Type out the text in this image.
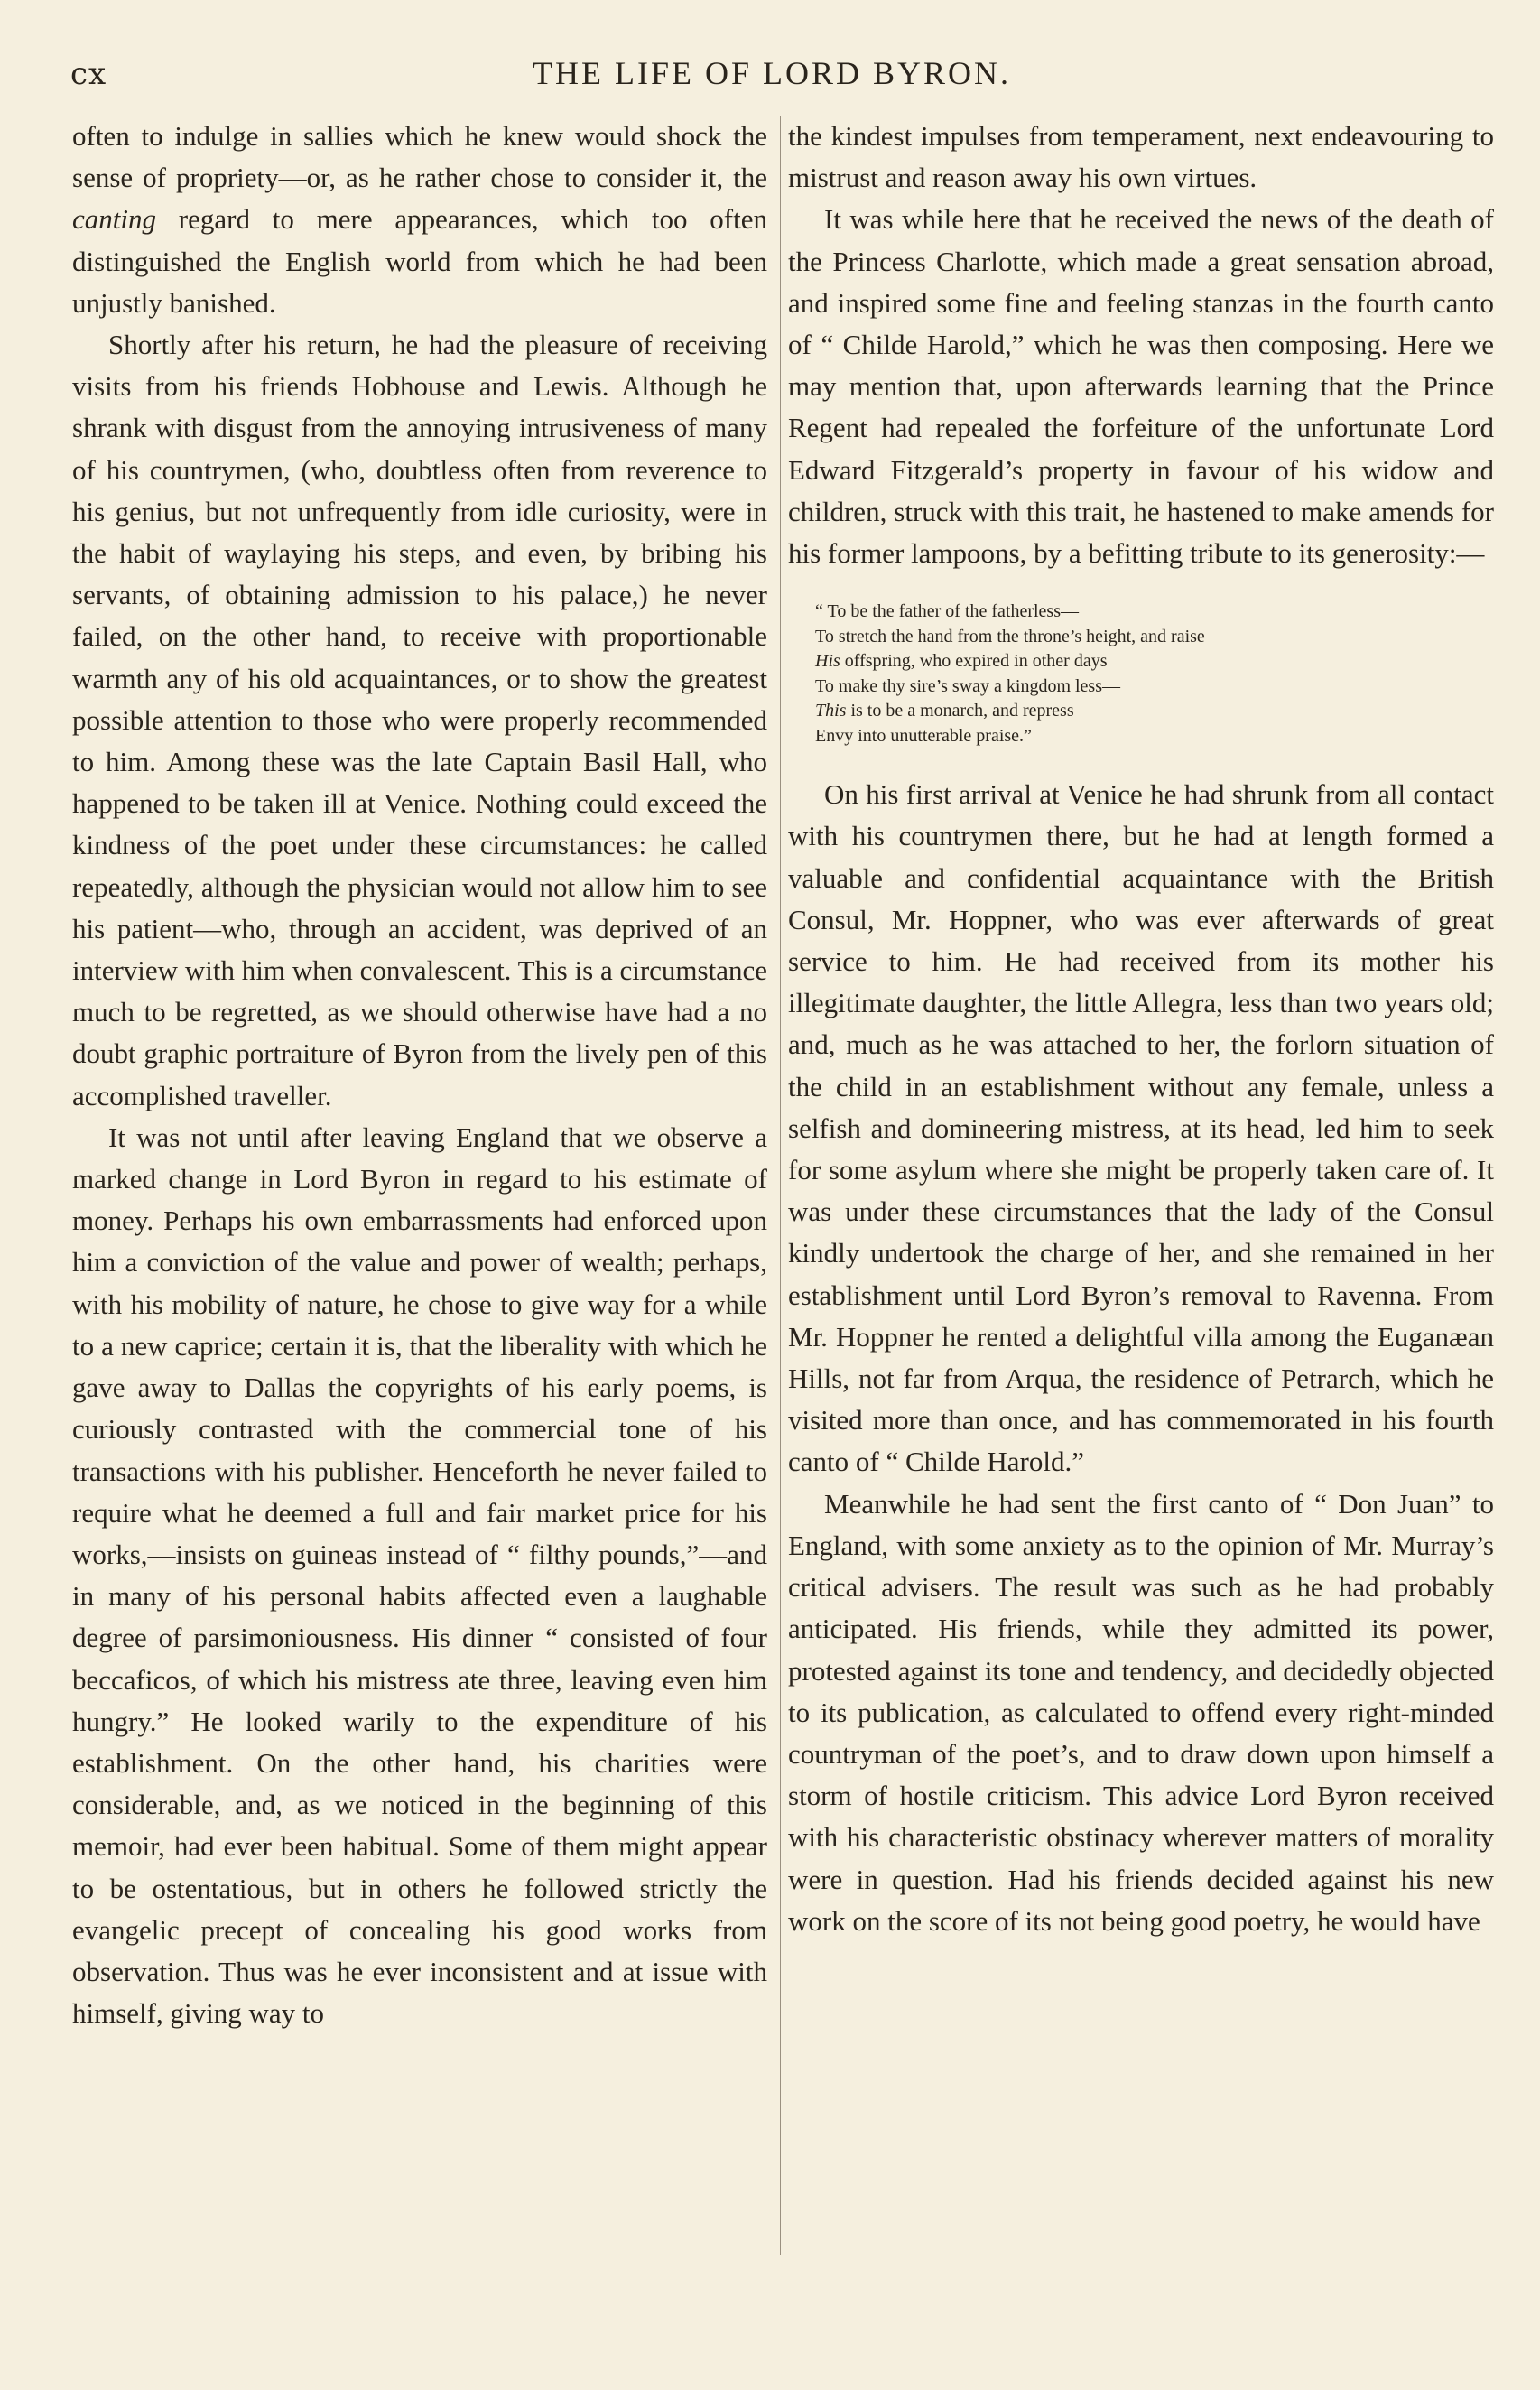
cx	THE LIFE OF LORD BYRON.

often to indulge in sallies which he knew would shock the sense of propriety—or, as he rather chose to consider it, the canting regard to mere appearances, which too often distinguished the English world from which he had been unjustly banished.

Shortly after his return, he had the pleasure of receiving visits from his friends Hobhouse and Lewis. Although he shrank with disgust from the annoying intrusiveness of many of his countrymen, (who, doubtless often from reverence to his genius, but not unfrequently from idle curiosity, were in the habit of waylaying his steps, and even, by bribing his servants, of obtaining admission to his palace,) he never failed, on the other hand, to receive with proportionable warmth any of his old acquaintances, or to show the greatest possible attention to those who were properly recommended to him. Among these was the late Captain Basil Hall, who happened to be taken ill at Venice. Nothing could exceed the kindness of the poet under these circumstances: he called repeatedly, although the physician would not allow him to see his patient—who, through an accident, was deprived of an interview with him when convalescent. This is a circumstance much to be regretted, as we should otherwise have had a no doubt graphic portraiture of Byron from the lively pen of this accomplished traveller.

It was not until after leaving England that we observe a marked change in Lord Byron in regard to his estimate of money. Perhaps his own embarrassments had enforced upon him a conviction of the value and power of wealth; perhaps, with his mobility of nature, he chose to give way for a while to a new caprice; certain it is, that the liberality with which he gave away to Dallas the copyrights of his early poems, is curiously contrasted with the commercial tone of his transactions with his publisher. Henceforth he never failed to require what he deemed a full and fair market price for his works,—insists on guineas instead of “ filthy pounds,”—and in many of his personal habits affected even a laughable degree of parsimoniousness. His dinner “ consisted of four beccaficos, of which his mistress ate three, leaving even him hungry.” He looked warily to the expenditure of his establishment. On the other hand, his charities were considerable, and, as we noticed in the beginning of this memoir, had ever been habitual. Some of them might appear to be ostentatious, but in others he followed strictly the evangelic precept of concealing his good works from observation. Thus was he ever inconsistent and at issue with himself, giving way to

the kindest impulses from temperament, next endeavouring to mistrust and reason away his own virtues.

It was while here that he received the news of the death of the Princess Charlotte, which made a great sensation abroad, and inspired some fine and feeling stanzas in the fourth canto of “ Childe Harold,” which he was then composing. Here we may mention that, upon afterwards learning that the Prince Regent had repealed the forfeiture of the unfortunate Lord Edward Fitzgerald’s property in favour of his widow and children, struck with this trait, he hastened to make amends for his former lampoons, by a befitting tribute to its generosity:—

“ To be the father of the fatherless—
To stretch the hand from the throne’s height, and raise
His offspring, who expired in other days
To make thy sire’s sway a kingdom less—
This is to be a monarch, and repress
Envy into unutterable praise.”

On his first arrival at Venice he had shrunk from all contact with his countrymen there, but he had at length formed a valuable and confidential acquaintance with the British Consul, Mr. Hoppner, who was ever afterwards of great service to him. He had received from its mother his illegitimate daughter, the little Allegra, less than two years old; and, much as he was attached to her, the forlorn situation of the child in an establishment without any female, unless a selfish and domineering mistress, at its head, led him to seek for some asylum where she might be properly taken care of. It was under these circumstances that the lady of the Consul kindly undertook the charge of her, and she remained in her establishment until Lord Byron’s removal to Ravenna. From Mr. Hoppner he rented a delightful villa among the Euganæan Hills, not far from Arqua, the residence of Petrarch, which he visited more than once, and has commemorated in his fourth canto of “ Childe Harold.”

Meanwhile he had sent the first canto of “ Don Juan” to England, with some anxiety as to the opinion of Mr. Murray’s critical advisers. The result was such as he had probably anticipated. His friends, while they admitted its power, protested against its tone and tendency, and decidedly objected to its publication, as calculated to offend every right-minded countryman of the poet’s, and to draw down upon himself a storm of hostile criticism. This advice Lord Byron received with his characteristic obstinacy wherever matters of morality were in question. Had his friends decided against his new work on the score of its not being good poetry, he would have
